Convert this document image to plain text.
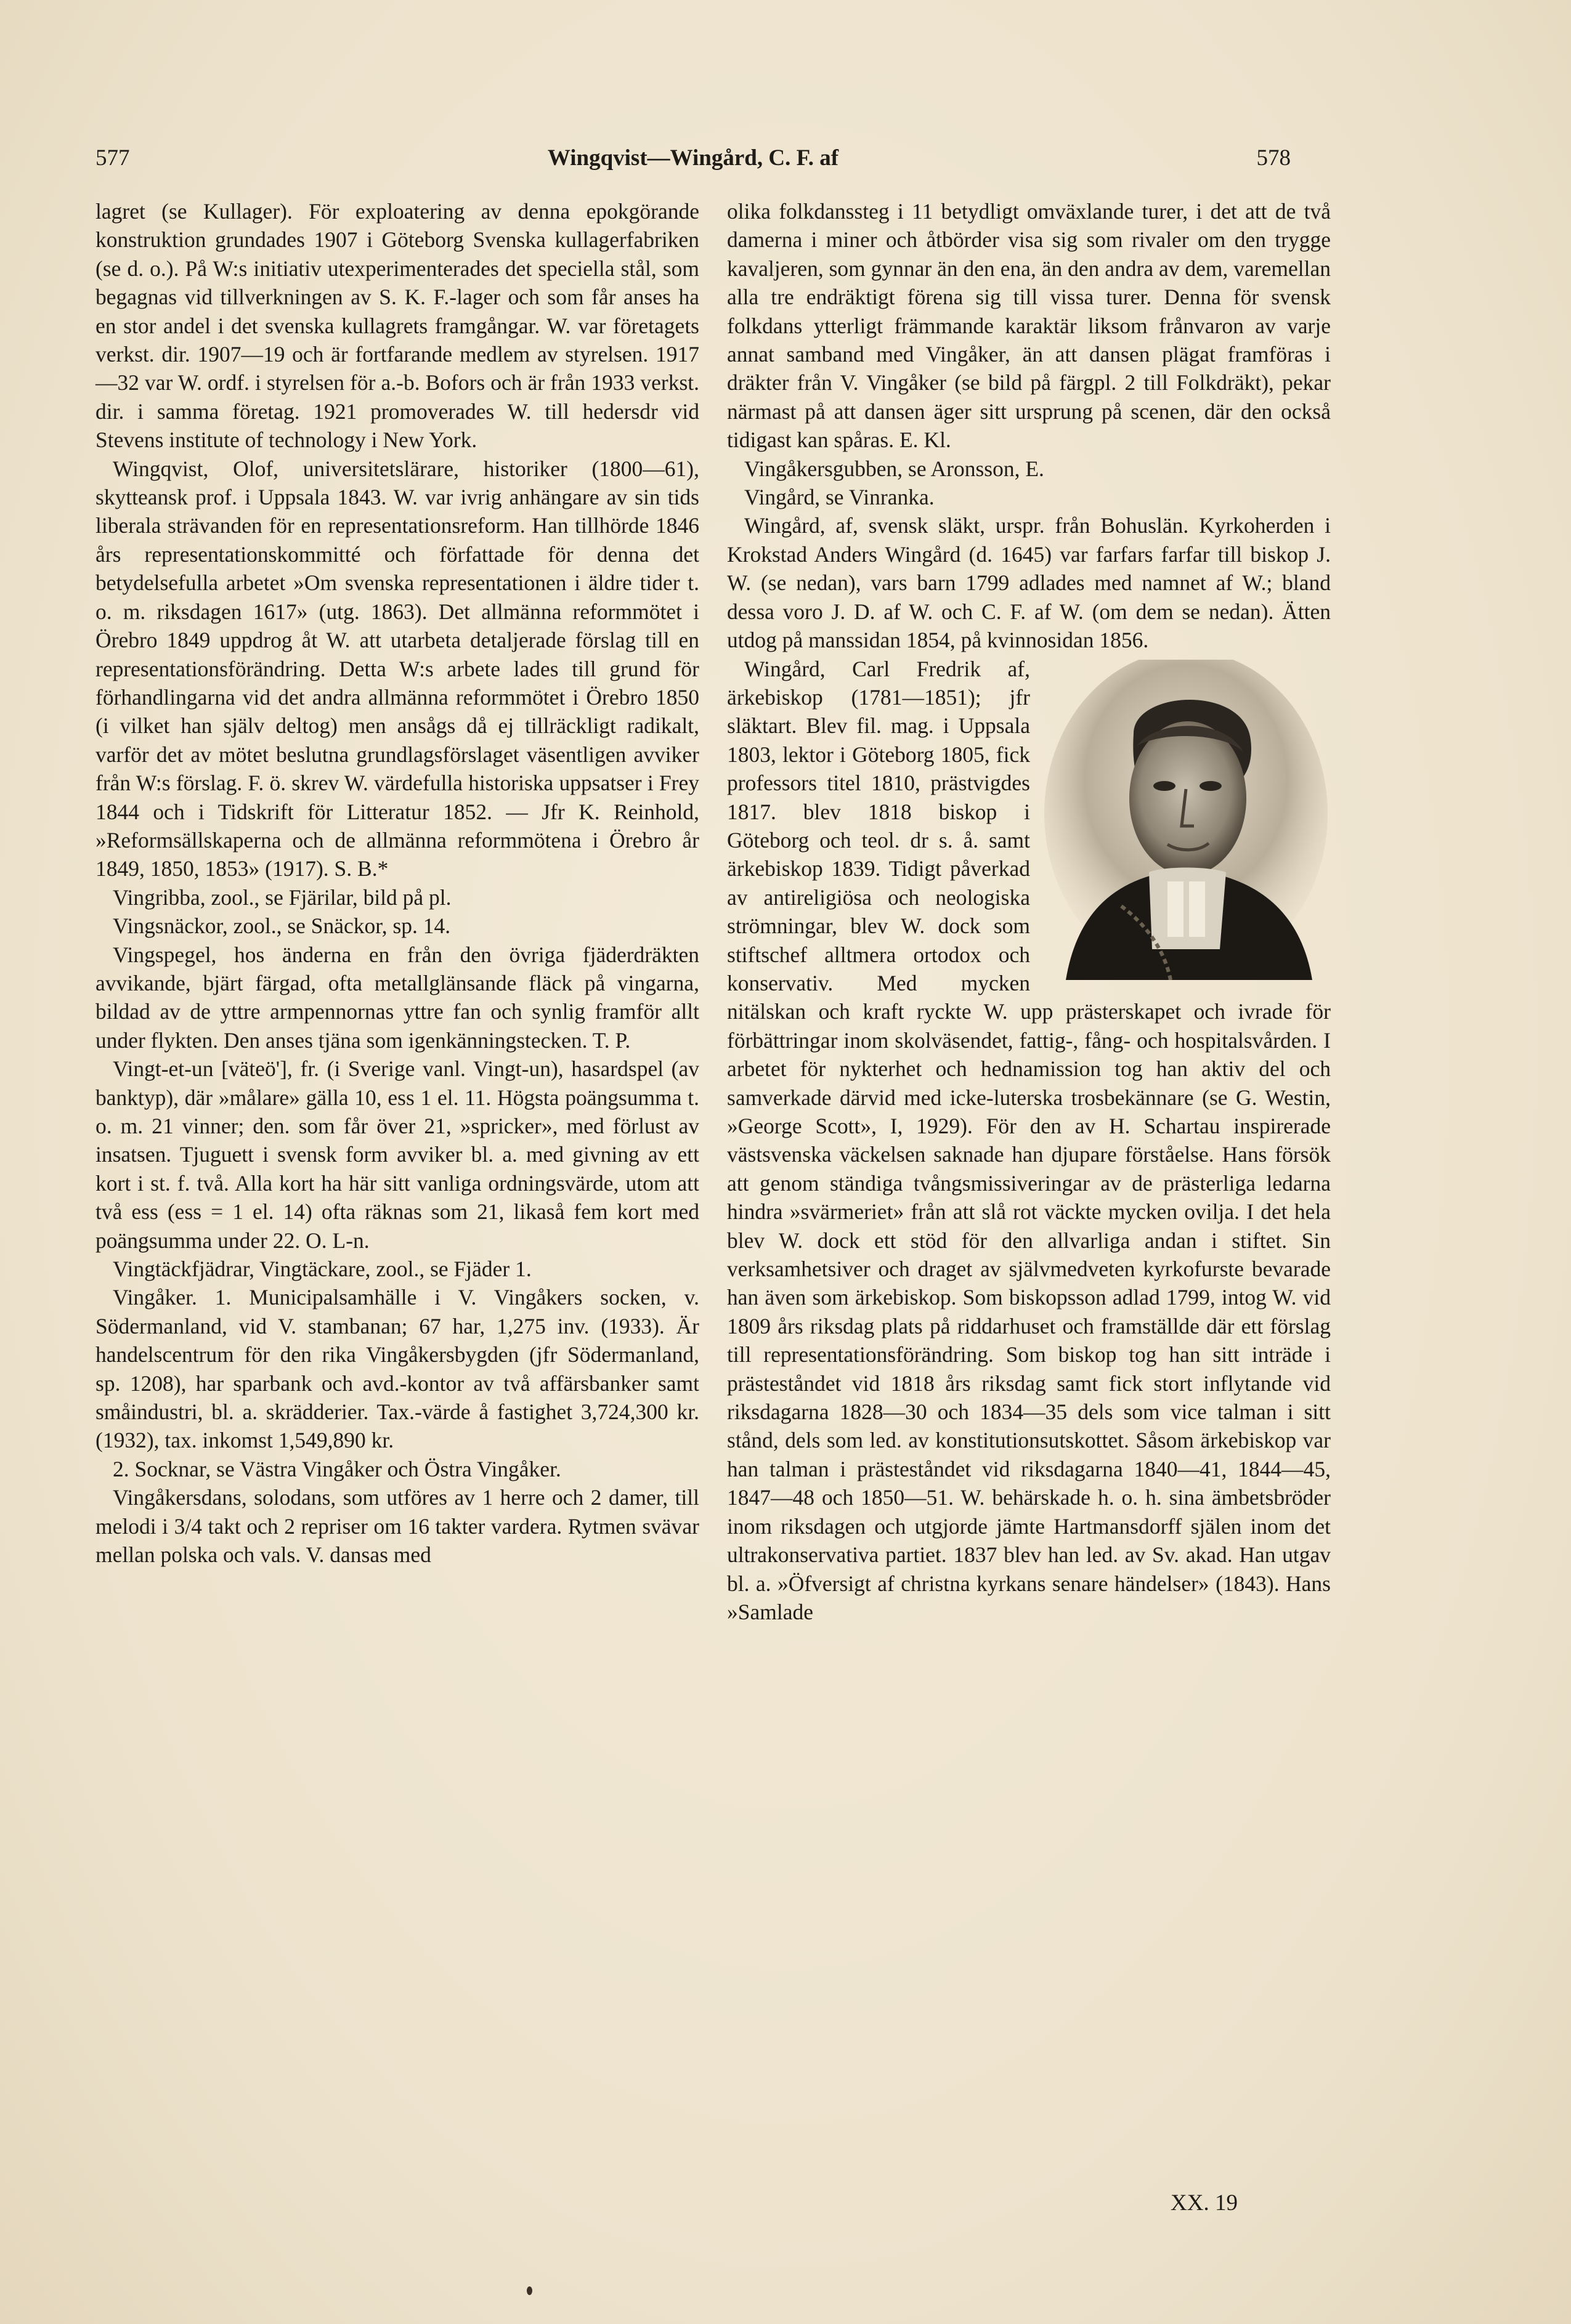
577	Wingqvist—Wingård, C. F. af	578

lagret (se Kullager). För exploatering av denna epokgörande konstruktion grundades 1907 i Göteborg Svenska kullagerfabriken (se d. o.). På W:s initiativ utexperimenterades det speciella stål, som begagnas vid tillverkningen av S. K. F.-lager och som får anses ha en stor andel i det svenska kullagrets framgångar. W. var företagets verkst. dir. 1907—19 och är fortfarande medlem av styrelsen. 1917—32 var W. ordf. i styrelsen för a.-b. Bofors och är från 1933 verkst. dir. i samma företag. 1921 promoverades W. till hedersdr vid Stevens institute of technology i New York.

Wingqvist, Olof, universitetslärare, historiker (1800—61), skytteansk prof. i Uppsala 1843. W. var ivrig anhängare av sin tids liberala strävanden för en representationsreform. Han tillhörde 1846 års representationskommitté och författade för denna det betydelsefulla arbetet »Om svenska representationen i äldre tider t. o. m. riksdagen 1617» (utg. 1863). Det allmänna reformmötet i Örebro 1849 uppdrog åt W. att utarbeta detaljerade förslag till en representationsförändring. Detta W:s arbete lades till grund för förhandlingarna vid det andra allmänna reformmötet i Örebro 1850 (i vilket han själv deltog) men ansågs då ej tillräckligt radikalt, varför det av mötet beslutna grundlagsförslaget väsentligen avviker från W:s förslag. F. ö. skrev W. värdefulla historiska uppsatser i Frey 1844 och i Tidskrift för Litteratur 1852. — Jfr K. Reinhold, »Reformsällskaperna och de allmänna reformmötena i Örebro år 1849, 1850, 1853» (1917). S. B.*

Vingribba, zool., se Fjärilar, bild på pl.

Vingsnäckor, zool., se Snäckor, sp. 14.

Vingspegel, hos änderna en från den övriga fjäderdräkten avvikande, bjärt färgad, ofta metallglänsande fläck på vingarna, bildad av de yttre armpennornas yttre fan och synlig framför allt under flykten. Den anses tjäna som igenkänningstecken. T. P.

Vingt-et-un [vätеö'], fr. (i Sverige vanl. Vingt-un), hasardspel (av banktyp), där »målare» gälla 10, ess 1 el. 11. Högsta poängsumma t. o. m. 21 vinner; den. som får över 21, »spricker», med förlust av insatsen. Tjuguett i svensk form avviker bl. a. med givning av ett kort i st. f. två. Alla kort ha här sitt vanliga ordningsvärde, utom att två ess (ess = 1 el. 14) ofta räknas som 21, likaså fem kort med poängsumma under 22. O. L-n.

Vingtäckfjädrar, Vingtäckare, zool., se Fjäder 1.

Vingåker. 1. Municipalsamhälle i V. Vingåkers socken, v. Södermanland, vid V. stambanan; 67 har, 1,275 inv. (1933). Är handelscentrum för den rika Vingåkersbygden (jfr Södermanland, sp. 1208), har sparbank och avd.-kontor av två affärsbanker samt småindustri, bl. a. skrädderier. Tax.-värde å fastighet 3,724,300 kr. (1932), tax. inkomst 1,549,890 kr.

2. Socknar, se Västra Vingåker och Östra Vingåker.

Vingåkersdans, solodans, som utföres av 1 herre och 2 damer, till melodi i 3/4 takt och 2 repriser om 16 takter vardera. Rytmen svävar mellan polska och vals. V. dansas med

olika folkdanssteg i 11 betydligt omväxlande turer, i det att de två damerna i miner och åtbörder visa sig som rivaler om den trygge kavaljeren, som gynnar än den ena, än den andra av dem, varemellan alla tre endräktigt förena sig till vissa turer. Denna för svensk folkdans ytterligt främmande karaktär liksom frånvaron av varje annat samband med Vingåker, än att dansen plägat framföras i dräkter från V. Vingåker (se bild på färgpl. 2 till Folkdräkt), pekar närmast på att dansen äger sitt ursprung på scenen, där den också tidigast kan spåras. E. Kl.

Vingåkersgubben, se Aronsson, E.

Vingård, se Vinranka.

Wingård, af, svensk släkt, urspr. från Bohuslän. Kyrkoherden i Krokstad Anders Wingård (d. 1645) var farfars farfar till biskop J. W. (se nedan), vars barn 1799 adlades med namnet af W.; bland dessa voro J. D. af W. och C. F. af W. (om dem se nedan). Ätten utdog på manssidan 1854, på kvinnosidan 1856.

Wingård, Carl Fredrik af, ärkebiskop (1781—1851); jfr släktart. Blev fil. mag. i Uppsala 1803, lektor i Göteborg 1805, fick professors titel 1810, prästvigdes 1817. blev 1818 biskop i Göteborg och teol. dr s. å. samt ärkebiskop 1839. Tidigt påverkad av antireligiösa och neologiska strömningar, blev W. dock som stiftschef alltmera ortodox och konservativ. Med mycken nitälskan och kraft ryckte W. upp prästerskapet och ivrade för förbättringar inom skolväsendet, fattig-, fång- och hospitalsvården. I arbetet för nykterhet och hednamission tog han aktiv del och samverkade därvid med icke-luterska trosbekännare (se G. Westin, »George Scott», I, 1929). För den av H. Schartau inspirerade västsvenska väckelsen saknade han djupare förståelse. Hans försök att genom ständiga tvångsmissiveringar av de prästerliga ledarna hindra »svärmeriet» från att slå rot väckte mycken ovilja. I det hela blev W. dock ett stöd för den allvarliga andan i stiftet. Sin verksamhetsiver och draget av självmedveten kyrkofurste bevarade han även som ärkebiskop. Som biskopsson adlad 1799, intog W. vid 1809 års riksdag plats på riddarhuset och framställde där ett förslag till representationsförändring. Som biskop tog han sitt inträde i prästeståndet vid 1818 års riksdag samt fick stort inflytande vid riksdagarna 1828—30 och 1834—35 dels som vice talman i sitt stånd, dels som led. av konstitutionsutskottet. Såsom ärkebiskop var han talman i prästeståndet vid riksdagarna 1840—41, 1844—45, 1847—48 och 1850—51. W. behärskade h. o. h. sina ämbetsbröder inom riksdagen och utgjorde jämte Hartmansdorff själen inom det ultrakonservativa partiet. 1837 blev han led. av Sv. akad. Han utgav bl. a. »Öfversigt af christna kyrkans senare händelser» (1843). Hans »Samlade

XX. 19
